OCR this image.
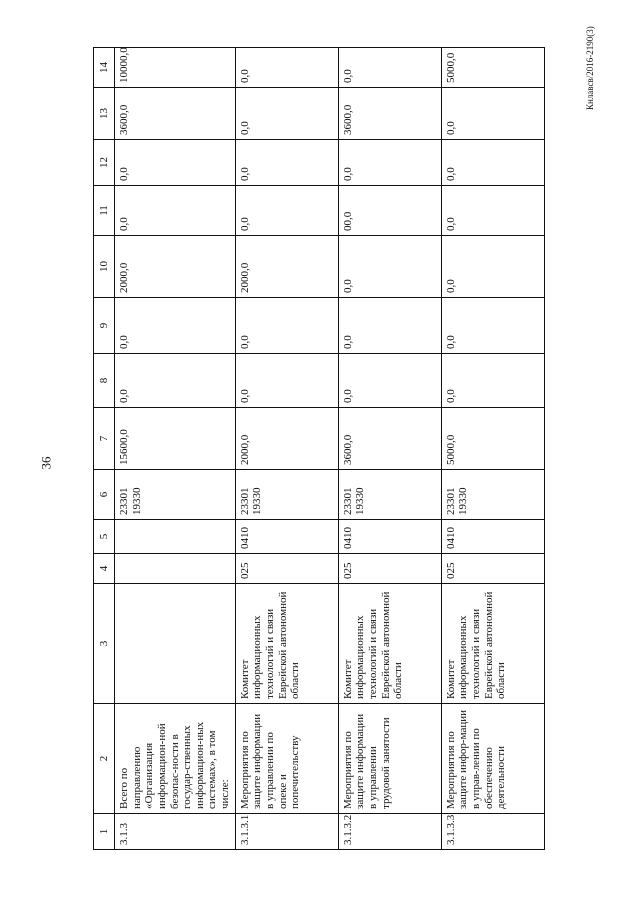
36
Кнлавсв/2016-2190(3)
1	2	3	4	5	6	7	8	9	10	11	12	13	14
3.1.3	Всего по направлению «Организация информацион-ной безопас-ности в государ-ственных информацион-ных системах», в том числе:				23301 19330	15600,0	0,0	0,0	2000,0	0,0	0,0	3600,0	10000,0
3.1.3.1	Мероприятия по защите информации в управлении по опеке и попечительству	Комитет информационных технологий и связи Еврейской автономной области	025	0410	23301 19330	2000,0	0,0	0,0	2000,0	0,0	0,0	0,0	0,0
3.1.3.2	Мероприятия по защите информации в управлении трудовой занятости	Комитет информационных технологий и связи Еврейской автономной области	025	0410	23301 19330	3600,0	0,0	0,0	0,0	00,0	0,0	3600,0	0,0
3.1.3.3	Мероприятия по защите инфор-мации в управ-лении по обеспечению деятельности	Комитет информационных технологий и связи Еврейской автономной области	025	0410	23301 19330	5000,0	0,0	0,0	0,0	0,0	0,0	0,0	5000,0
